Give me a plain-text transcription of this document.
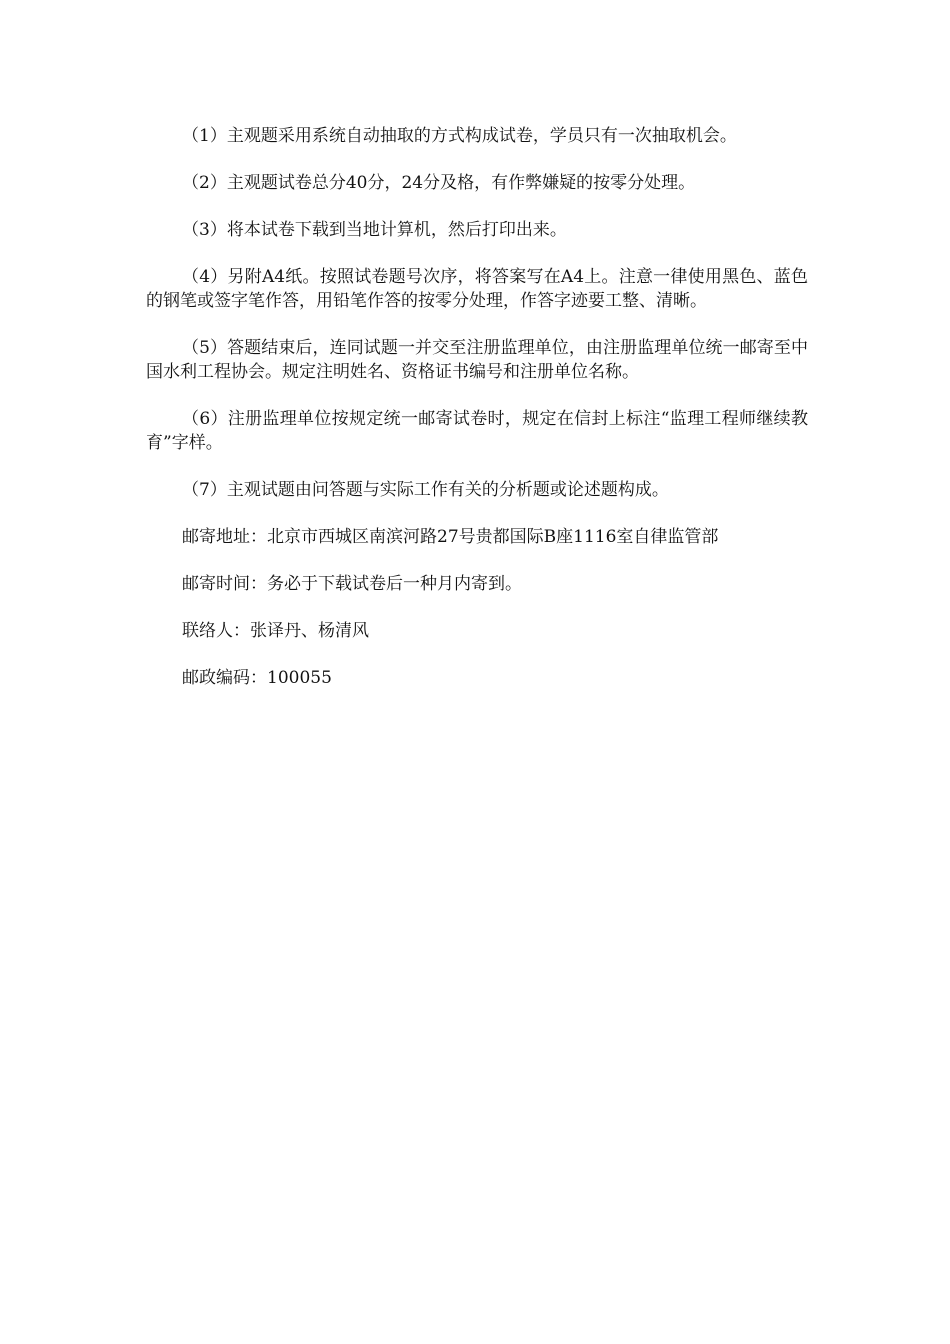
（1）主观题采用系统自动抽取的方式构成试卷，学员只有一次抽取机会。

（2）主观题试卷总分40分，24分及格，有作弊嫌疑的按零分处理。

（3）将本试卷下载到当地计算机，然后打印出来。

（4）另附A4纸。按照试卷题号次序，将答案写在A4上。注意一律使用黑色、蓝色的钢笔或签字笔作答，用铅笔作答的按零分处理，作答字迹要工整、清晰。

（5）答题结束后，连同试题一并交至注册监理单位，由注册监理单位统一邮寄至中国水利工程协会。规定注明姓名、资格证书编号和注册单位名称。

（6）注册监理单位按规定统一邮寄试卷时，规定在信封上标注“监理工程师继续教育”字样。

（7）主观试题由问答题与实际工作有关的分析题或论述题构成。

邮寄地址：北京市西城区南滨河路27号贵都国际B座1116室自律监管部

邮寄时间：务必于下载试卷后一种月内寄到。

联络人：张译丹、杨清风

邮政编码：100055
